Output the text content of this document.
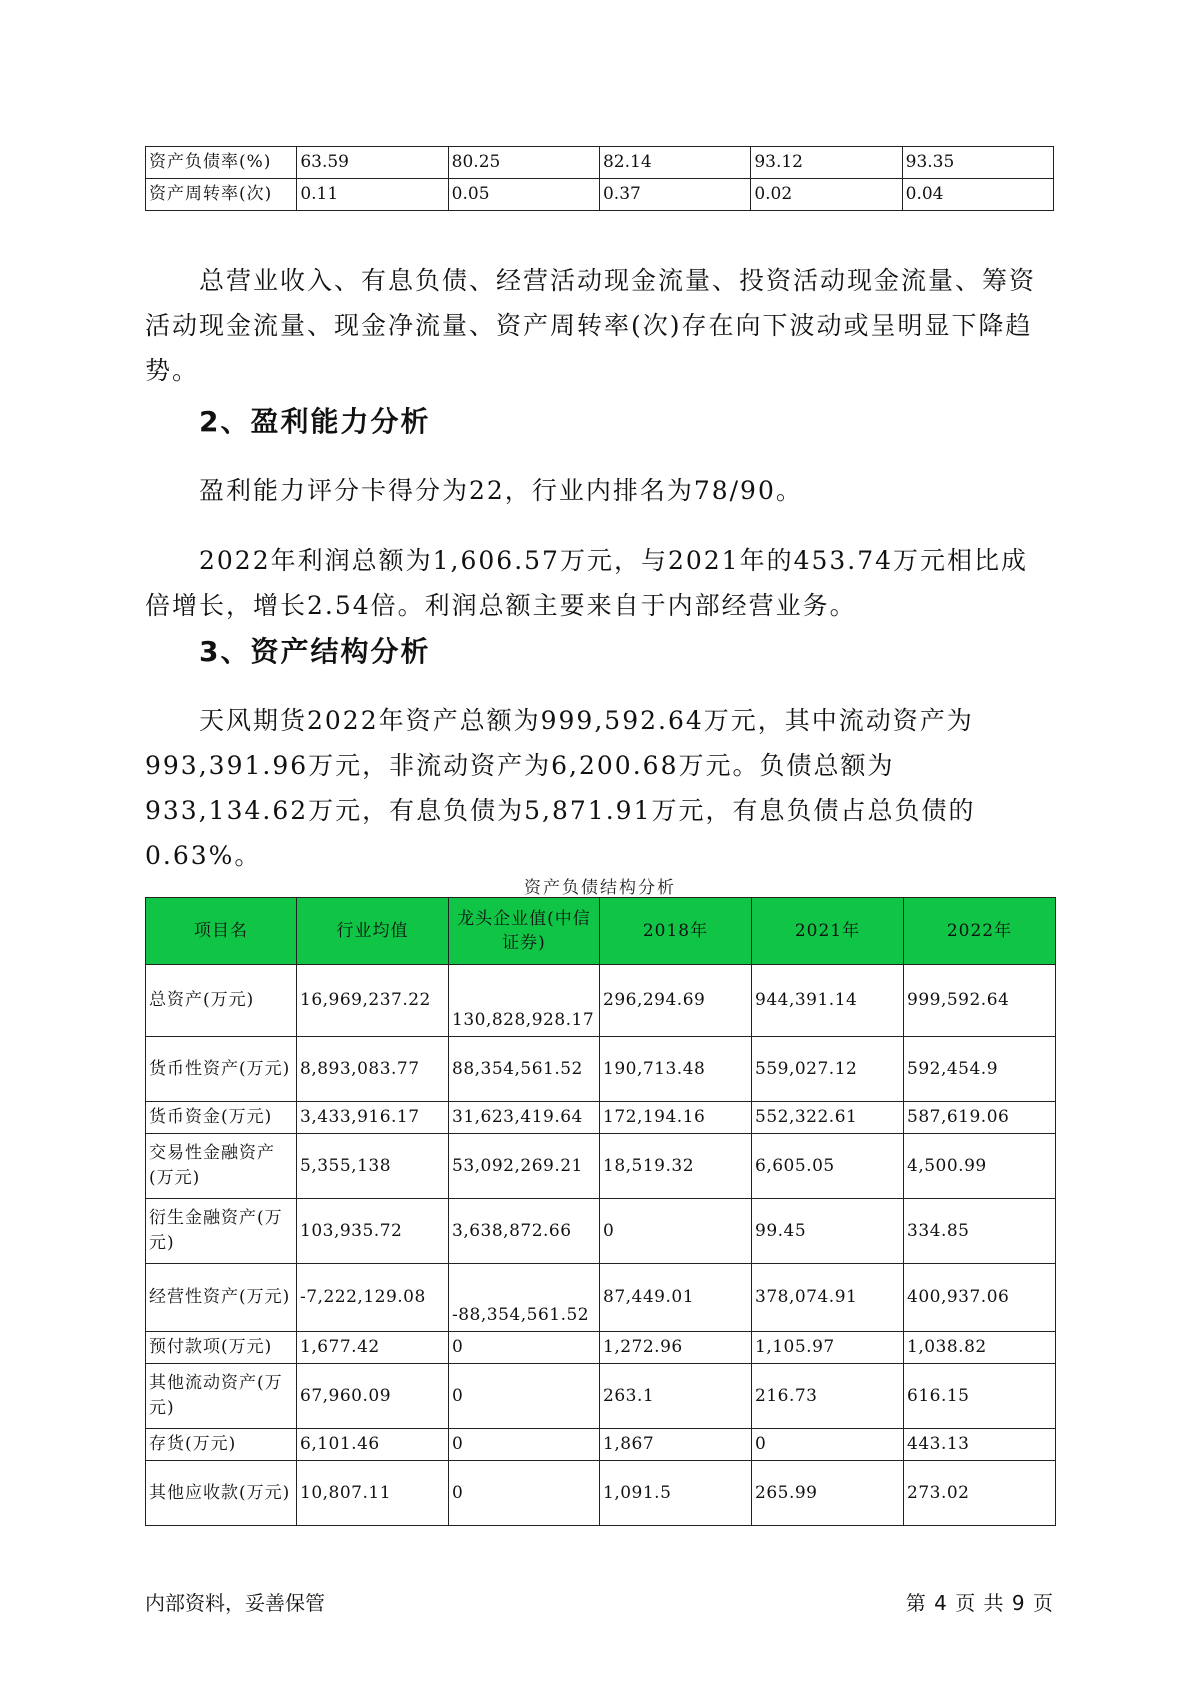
资产负债率(%)	63.59	80.25	82.14	93.12	93.35
资产周转率(次)	0.11	0.05	0.37	0.02	0.04

总营业收入、有息负债、经营活动现金流量、投资活动现金流量、筹资活动现金流量、现金净流量、资产周转率(次)存在向下波动或呈明显下降趋势。

2、盈利能力分析

盈利能力评分卡得分为22，行业内排名为78/90。

2022年利润总额为1,606.57万元，与2021年的453.74万元相比成倍增长，增长2.54倍。利润总额主要来自于内部经营业务。

3、资产结构分析

天风期货2022年资产总额为999,592.64万元，其中流动资产为993,391.96万元，非流动资产为6,200.68万元。负债总额为933,134.62万元，有息负债为5,871.91万元，有息负债占总负债的0.63%。

资产负债结构分析
项目名	行业均值	龙头企业值(中信证券)	2018年	2021年	2022年
总资产(万元)	16,969,237.22	130,828,928.17	296,294.69	944,391.14	999,592.64
货币性资产(万元)	8,893,083.77	88,354,561.52	190,713.48	559,027.12	592,454.9
货币资金(万元)	3,433,916.17	31,623,419.64	172,194.16	552,322.61	587,619.06
交易性金融资产(万元)	5,355,138	53,092,269.21	18,519.32	6,605.05	4,500.99
衍生金融资产(万元)	103,935.72	3,638,872.66	0	99.45	334.85
经营性资产(万元)	-7,222,129.08	-88,354,561.52	87,449.01	378,074.91	400,937.06
预付款项(万元)	1,677.42	0	1,272.96	1,105.97	1,038.82
其他流动资产(万元)	67,960.09	0	263.1	216.73	616.15
存货(万元)	6,101.46	0	1,867	0	443.13
其他应收款(万元)	10,807.11	0	1,091.5	265.99	273.02
内部资料，妥善保管	第 4 页 共 9 页
